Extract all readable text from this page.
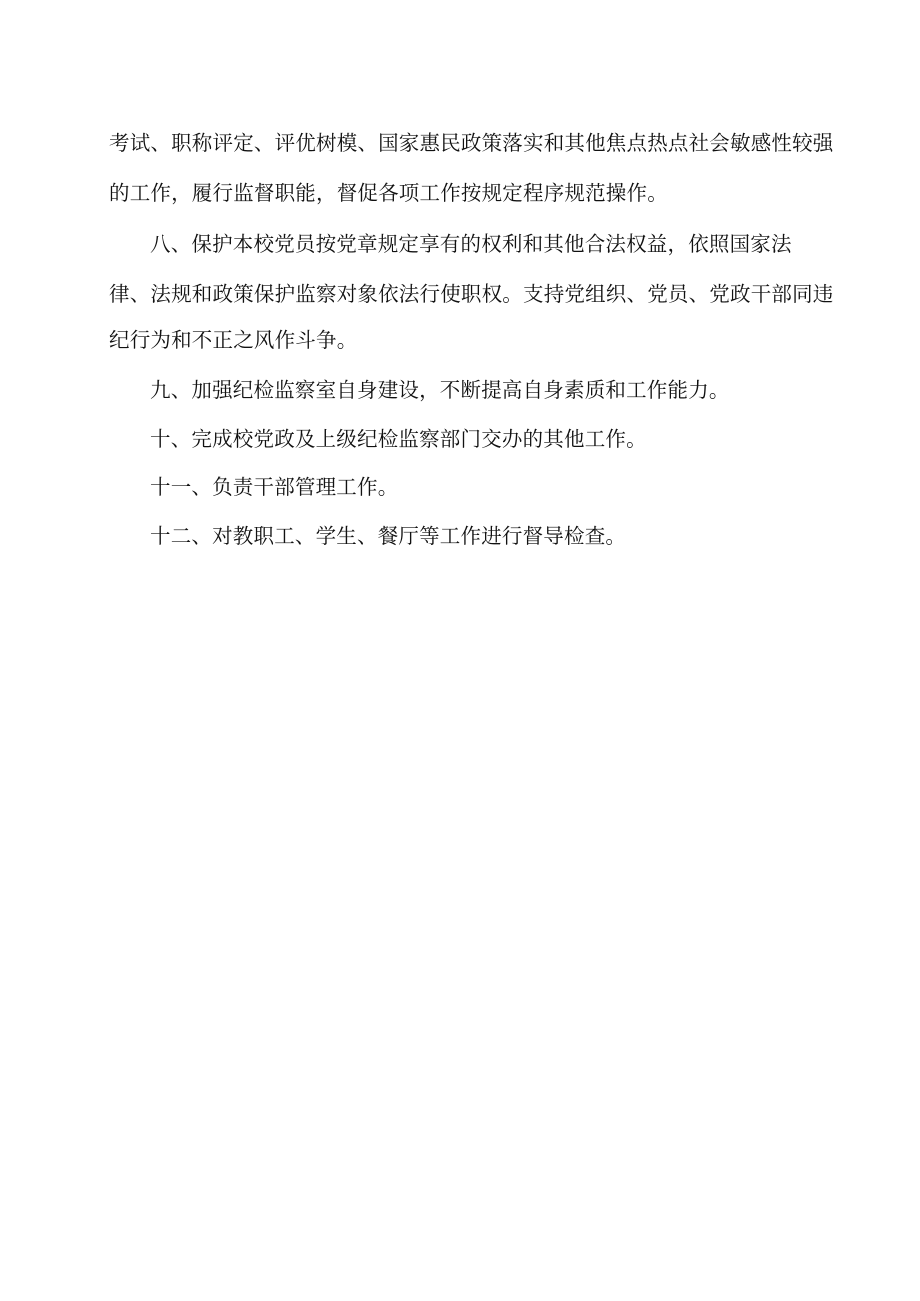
考试、职称评定、评优树模、国家惠民政策落实和其他焦点热点社会敏感性较强
的工作，履行监督职能，督促各项工作按规定程序规范操作。
八、保护本校党员按党章规定享有的权利和其他合法权益，依照国家法
律、法规和政策保护监察对象依法行使职权。支持党组织、党员、党政干部同违
纪行为和不正之风作斗争。
九、加强纪检监察室自身建设，不断提高自身素质和工作能力。
十、完成校党政及上级纪检监察部门交办的其他工作。
十一、负责干部管理工作。
十二、对教职工、学生、餐厅等工作进行督导检查。
